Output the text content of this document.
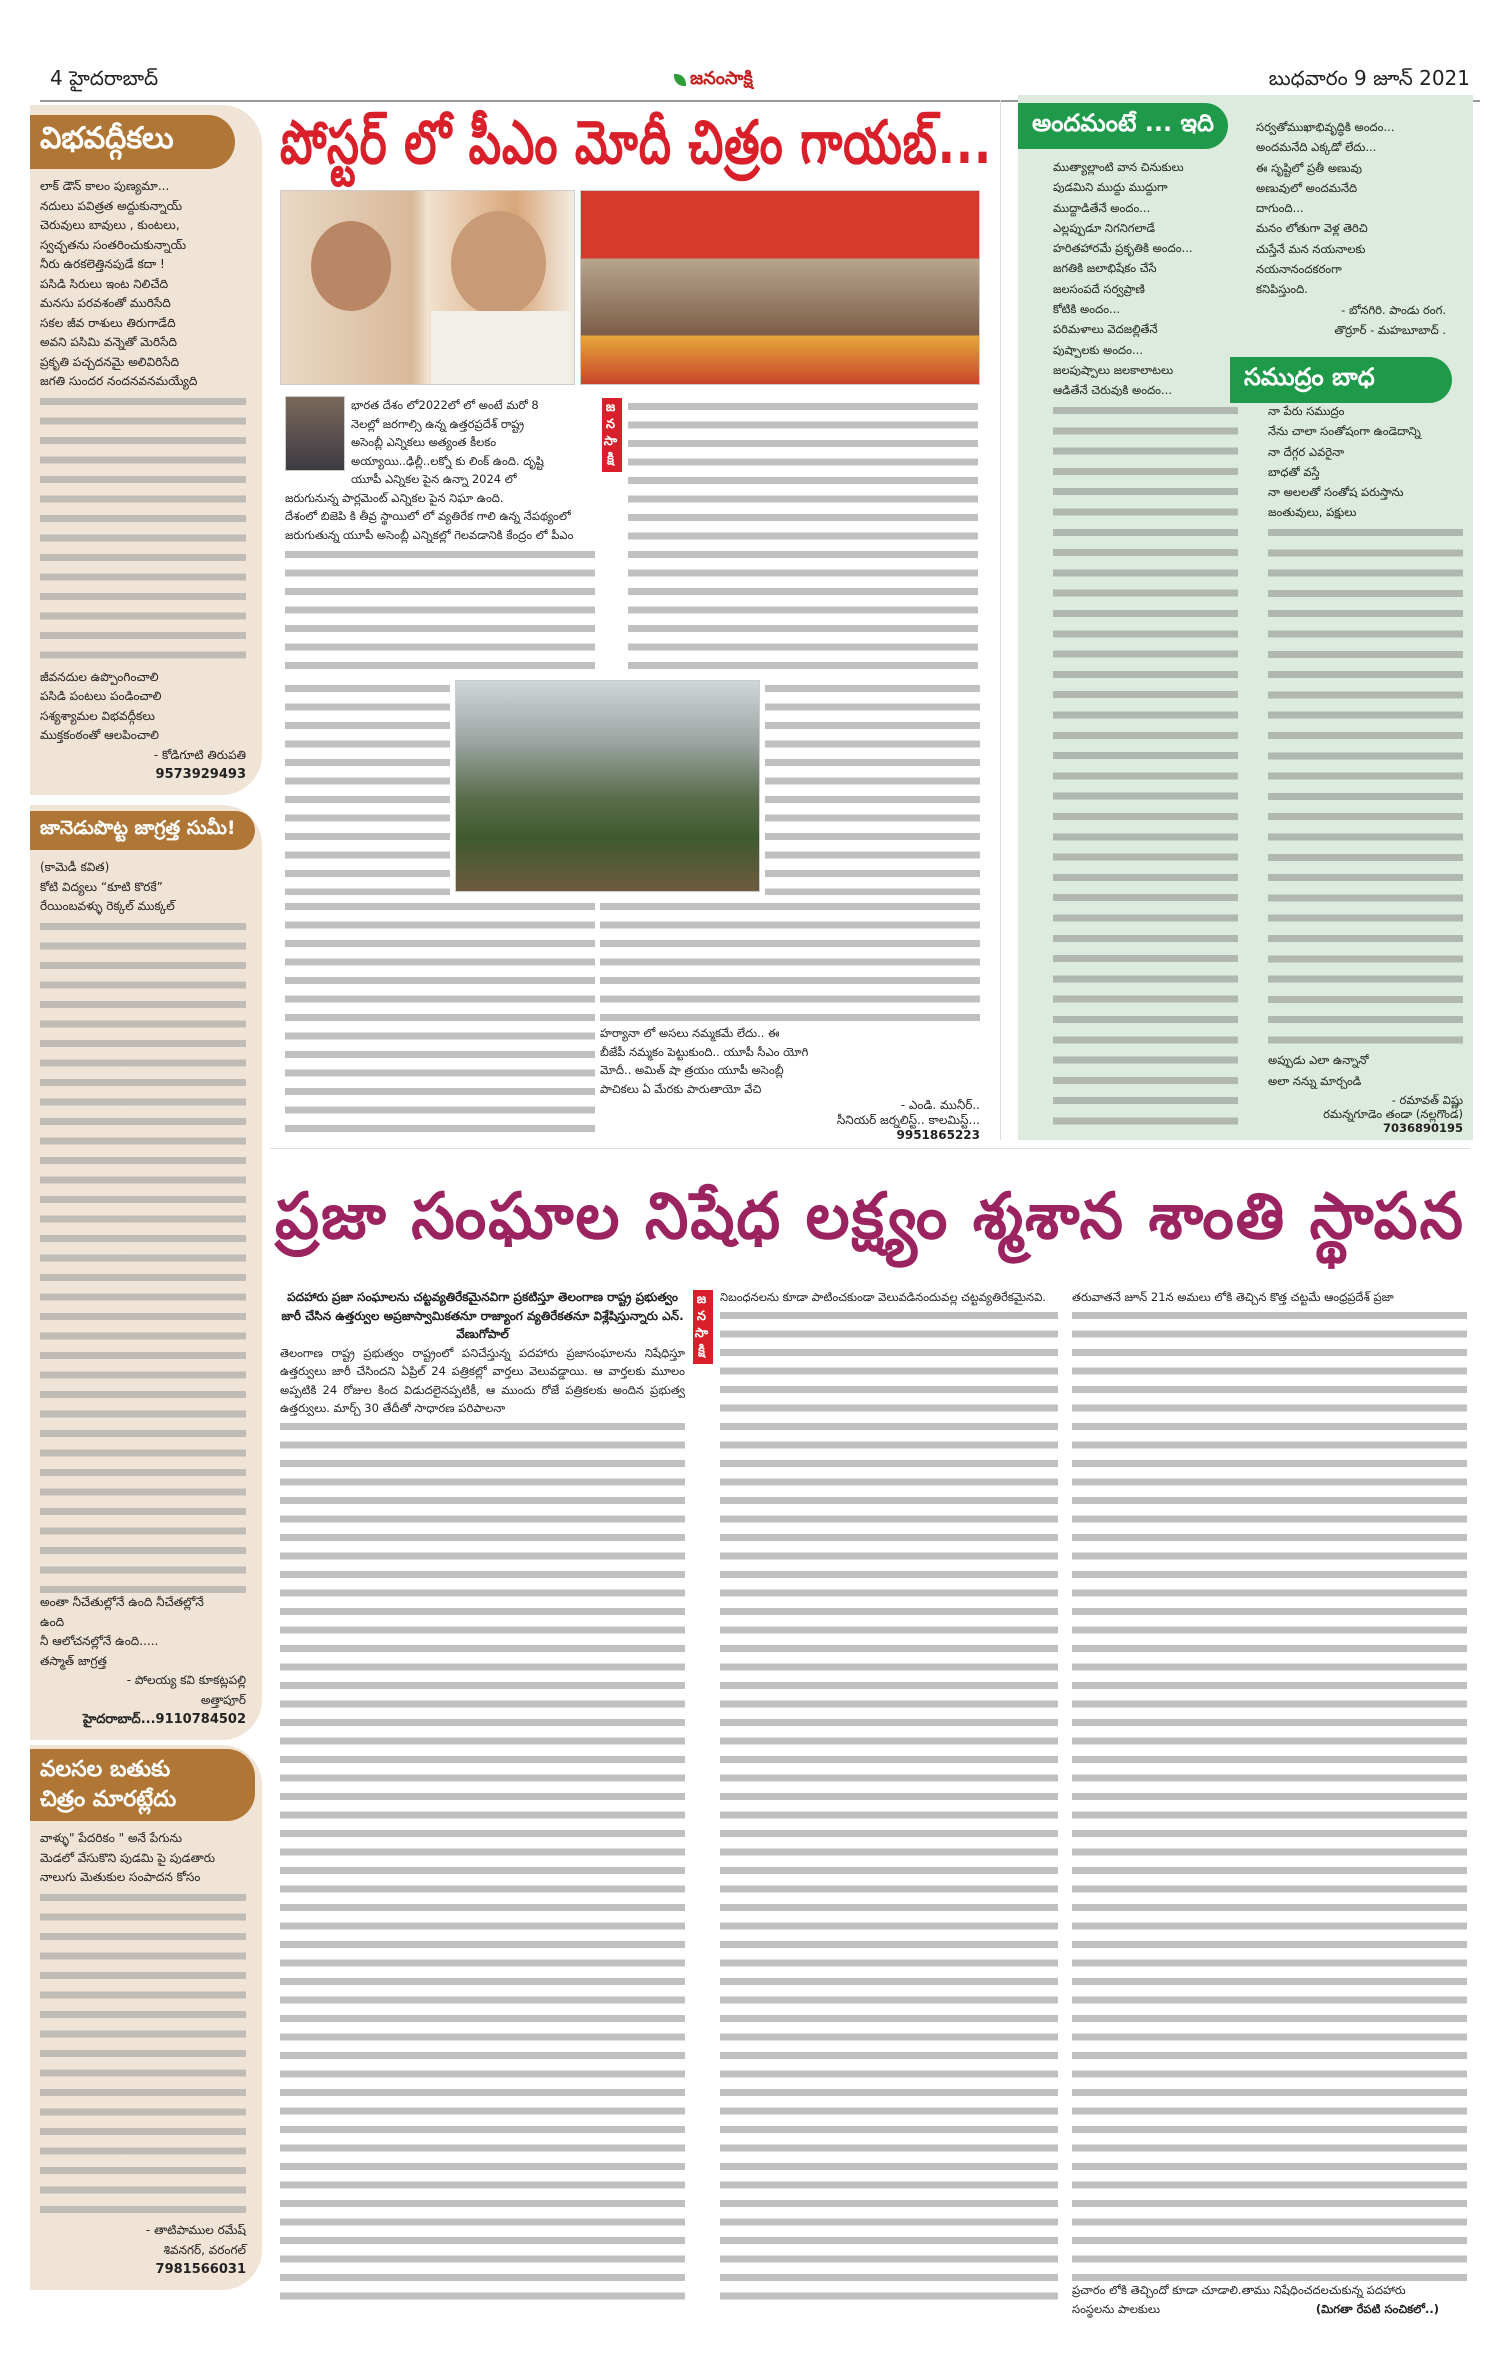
4 హైదరాబాద్	జనంసాక్షి	బుధవారం 9 జూన్ 2021
విభవద్గీకలు
లాక్ డౌన్ కాలం పుణ్యమా...
నదులు పవిత్రత అద్దుకున్నాయ్
చెరువులు బావులు , కుంటలు,
స్వచ్ఛతను సంతరించుకున్నాయ్
నీరు ఉరకలెత్తినపుడే కదా !
పసిడి సిరులు ఇంట నిలిచేది
మనసు పరవశంతో మురిసేది
సకల జీవ రాశులు తిరుగాడేది
అవని పసిమి వన్నెతో మెరిసేది
ప్రకృతి పచ్చదనమై అలివిరిసేది
జగతి సుందర నందనవనమయ్యేది
జీవనదుల ఉప్పొంగించాలి
పసిడి పంటలు పండించాలి
సశ్యశ్యామల విభవద్గీకలు
ముక్తకంఠంతో ఆలపించాలి
- కోడిగూటి తిరుపతి
9573929493
జానెడుపొట్ట జాగ్రత్త సుమీ!
(కామెడీ కవిత)
కోటి విద్యలు “కూటి కొరకే”
రేయింబవళ్ళు రెక్కల్ ముక్కల్
అంతా నీచేతుల్లోనే ఉంది నీచేతల్లోనే
ఉంది
నీ ఆలోచనల్లోనే ఉంది.....
తస్మాత్ జాగ్రత్త
- పోలయ్య కవి కూకట్లపల్లి
అత్తాపూర్
హైదరాబాద్...9110784502
వలసల బతుకు
చిత్రం మారట్లేదు
వాళ్ళు" పేదరికం " అనే పేగును
మెడలో వేసుకొని పుడమి పై పుడతారు
నాలుగు మెతుకుల సంపాదన కోసం
- తాటిపాముల రమేష్
శివనగర్, వరంగల్
7981566031
పోస్టర్ లో పీఎం మోదీ చిత్రం గాయబ్...
భారత దేశం లో2022లో లో అంటే మరో 8
నెలల్లో జరగాల్సి ఉన్న ఉత్తరప్రదేశ్ రాష్ట్ర
అసెంబ్లీ ఎన్నికలు అత్యంత కీలకం
అయ్యాయి..ఢిల్లీ..లక్నో కు లింక్ ఉంది. దృష్టి
యూపీ ఎన్నికల పైన ఉన్నా 2024 లో
జరుగునున్న పార్లమెంట్ ఎన్నికల పైన నిఘా ఉంది.
దేశంలో బిజెపి కి తీవ్ర స్థాయిలో లో వ్యతిరేక గాలి ఉన్న నేపథ్యంలో
జరుగుతున్న యూపీ అసెంబ్లీ ఎన్నికల్లో గెలవడానికి కేంద్రం లో పీఎం
జనసాక్షి
హర్యానా లో అసలు నమ్మకమే లేదు.. ఈ
బీజేపీ నమ్మకం పెట్టుకుంది.. యూపీ సీఎం యోగి
మోదీ.. అమిత్ షా త్రయం యూపీ అసెంబ్లీ
పాచికలు ఏ మేరకు పారుతాయో వేచి
- ఎండి. మునీర్..
సీనియర్ జర్నలిస్ట్.. కాలమిస్ట్...
9951865223
అందమంటే ... ఇది
ముత్యాల్లాంటి వాన చినుకులు
పుడమిని ముద్దు ముద్దుగా
ముద్దాడితేనే అందం...
ఎల్లప్పుడూ నిగనిగలాడే
హరితహారమే ప్రకృతికి అందం...
జగతికి జలాభిషేకం చేసే
జలసంపదే సర్వప్రాణి
కోటికి అందం...
పరిమళాలు వెదజల్లితేనే
పుష్పాలకు అందం...
జలపుష్పాలు జలకాలాటలు
ఆడితేనే చెరువుకి అందం...
సర్వతోముఖాభివృద్ధికి అందం...
అందమనేది ఎక్కడో లేదు...
ఈ సృష్టిలో ప్రతీ అణువు
అణువులో అందమనేది
దాగుంది...
మనం లోతుగా వెళ్ల తెరిచి
చుస్తేనే మన నయనాలకు
నయనానందకరంగా
కనిపిస్తుంది.
- బోనగిరి. పాండు రంగ.
తొర్రూర్ - మహబూబాద్ .
సముద్రం బాధ
నా పేరు సముద్రం
నేను చాలా సంతోషంగా ఉండెదాన్ని
నా దేగ్గర ఎవరైనా
బాధతో వస్తే
నా అలలతో సంతోష పరుస్తాను
జంతువులు, పక్షులు
అప్పుడు ఎలా ఉన్నానో
అలా నన్ను మార్చండి
- రమావత్ విష్ణు
రమన్నగూడెం తండా (నల్లగొండ)
7036890195
ప్రజా సంఘాల నిషేధ లక్ష్యం శ్మశాన శాంతి స్థాపన
పదహారు ప్రజా సంఘాలను చట్టవ్యతిరేకమైనవిగా ప్రకటిస్తూ తెలంగాణ రాష్ట్ర ప్రభుత్వం జారీ చేసిన ఉత్తర్వుల అప్రజాస్వామికతనూ రాజ్యాంగ వ్యతిరేకతనూ విశ్లేషిస్తున్నారు ఎన్. వేణుగోపాల్
తెలంగాణ రాష్ట్ర ప్రభుత్వం రాష్ట్రంలో పనిచేస్తున్న పదహారు ప్రజాసంఘాలను నిషేధిస్తూ ఉత్తర్వులు జారీ చేసిందని ఏప్రిల్ 24 పత్రికల్లో వార్తలు వెలువడ్డాయి. ఆ వార్తలకు మూలం అప్పటికి 24 రోజుల కింద విడుదలైనప్పటికీ, ఆ ముందు రోజే పత్రికలకు అందిన ప్రభుత్వ ఉత్తర్వులు. మార్చ్ 30 తేదీతో సాధారణ పరిపాలనా
జనసాక్షి నిబంధనలను కూడా పాటించకుండా వెలువడినందువల్ల చట్టవ్యతిరేకమైనవి.	తరువాతనే జూన్ 21న అమలు లోకి తెచ్చిన కొత్త చట్టమే ఆంధ్రప్రదేశ్ ప్రజా
ప్రచారం లోకి తెచ్చిందో కూడా చూడాలి.తాము నిషేధించదలచుకున్న పదహారు
సంస్థలను పాలకులు	(మిగతా రేపటి సంచికలో..)
